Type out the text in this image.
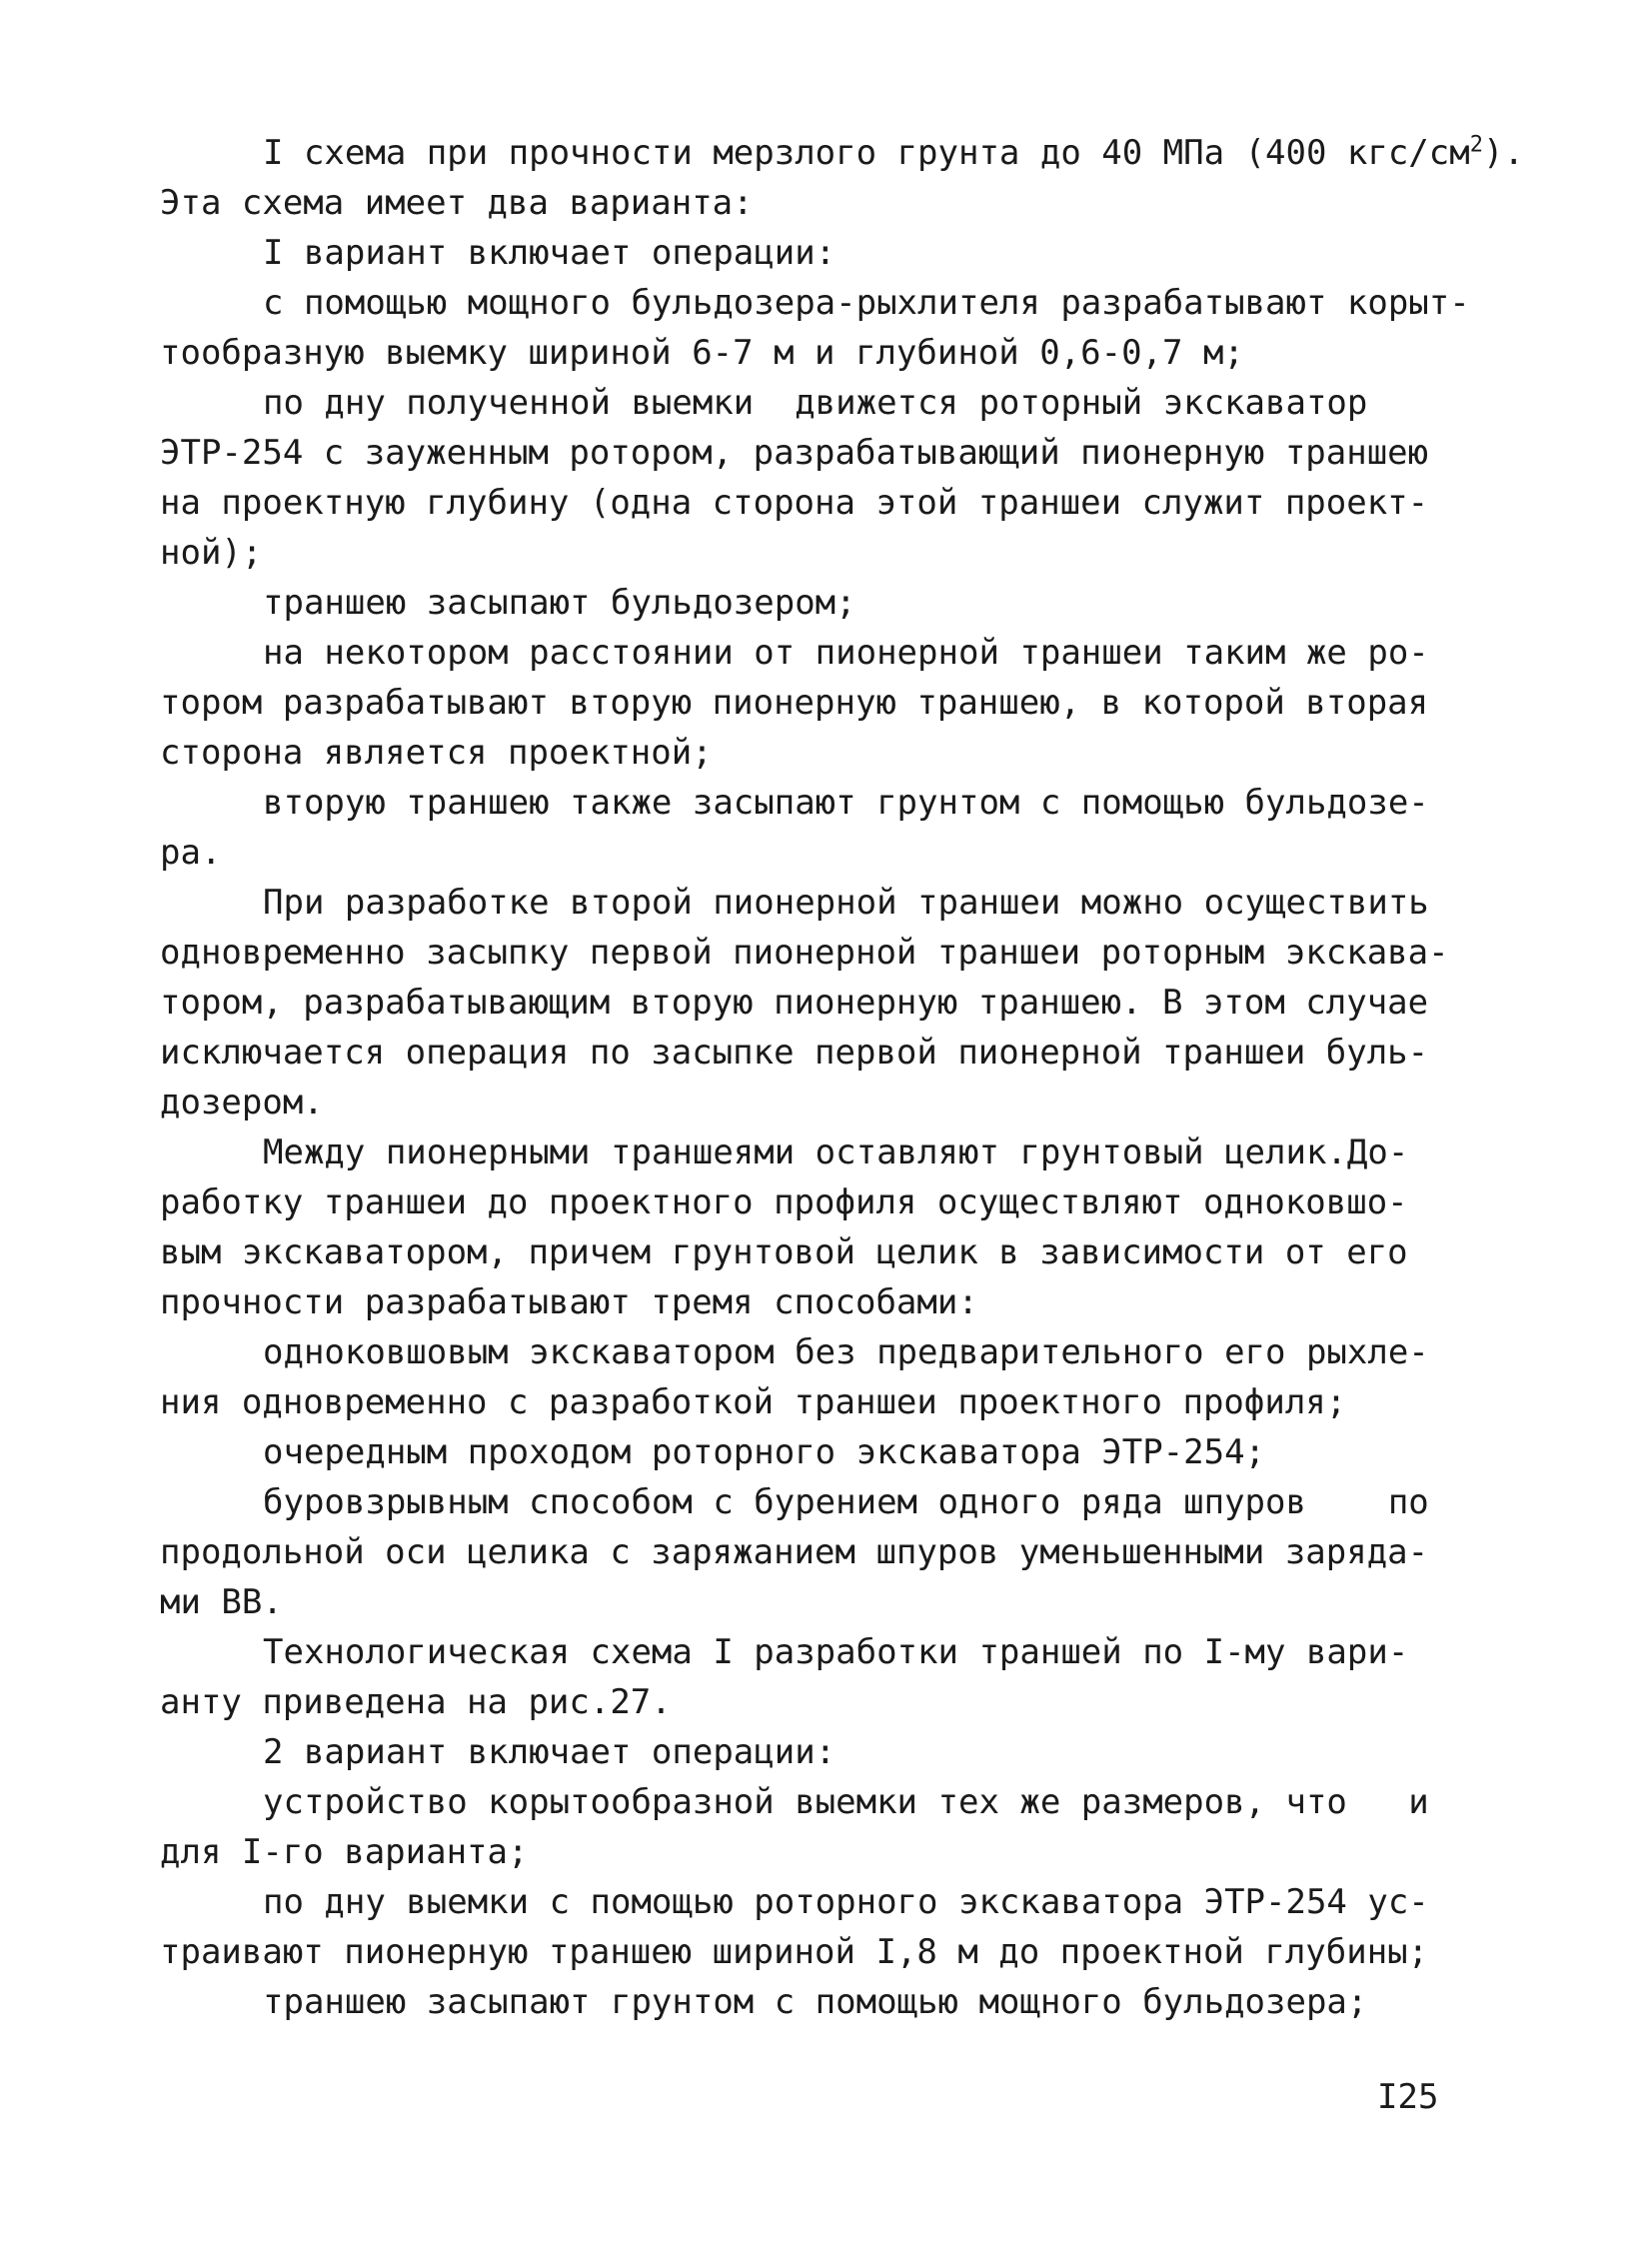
I схема при прочности мерзлого грунта до 40 МПа (400 кгс/$см^2$).
Эта схема имеет два варианта:
I вариант включает операции:
с помощью мощного бульдозера-рыхлителя разрабатывают корыт-
тообразную выемку шириной 6-7 м и глубиной 0,6-0,7 м;
по дну полученной выемки  движется роторный экскаватор
ЭТР-254 с зауженным ротором, разрабатывающий пионерную траншею
на проектную глубину (одна сторона этой траншеи служит проект-
ной);
траншею засыпают бульдозером;
на некотором расстоянии от пионерной траншеи таким же ро-
тором разрабатывают вторую пионерную траншею, в которой вторая
сторона является проектной;
вторую траншею также засыпают грунтом с помощью бульдозе-
ра.
При разработке второй пионерной траншеи можно осуществить
одновременно засыпку первой пионерной траншеи роторным экскава-
тором, разрабатывающим вторую пионерную траншею. В этом случае
исключается операция по засыпке первой пионерной траншеи буль-
дозером.
Между пионерными траншеями оставляют грунтовый целик.До-
работку траншеи до проектного профиля осуществляют одноковшо-
вым экскаватором, причем грунтовой целик в зависимости от его
прочности разрабатывают тремя способами:
одноковшовым экскаватором без предварительного его рыхле-
ния одновременно с разработкой траншеи проектного профиля;
очередным проходом роторного экскаватора ЭТР-254;
буровзрывным способом с бурением одного ряда шпуров    по
продольной оси целика с заряжанием шпуров уменьшенными заряда-
ми ВВ.
Технологическая схема I разработки траншей по I-му вари-
анту приведена на рис.27.
2 вариант включает операции:
устройство корытообразной выемки тех же размеров, что   и
для I-го варианта;
по дну выемки с помощью роторного экскаватора ЭТР-254 ус-
траивают пионерную траншею шириной I,8 м до проектной глубины;
траншею засыпают грунтом с помощью мощного бульдозера;
I25
